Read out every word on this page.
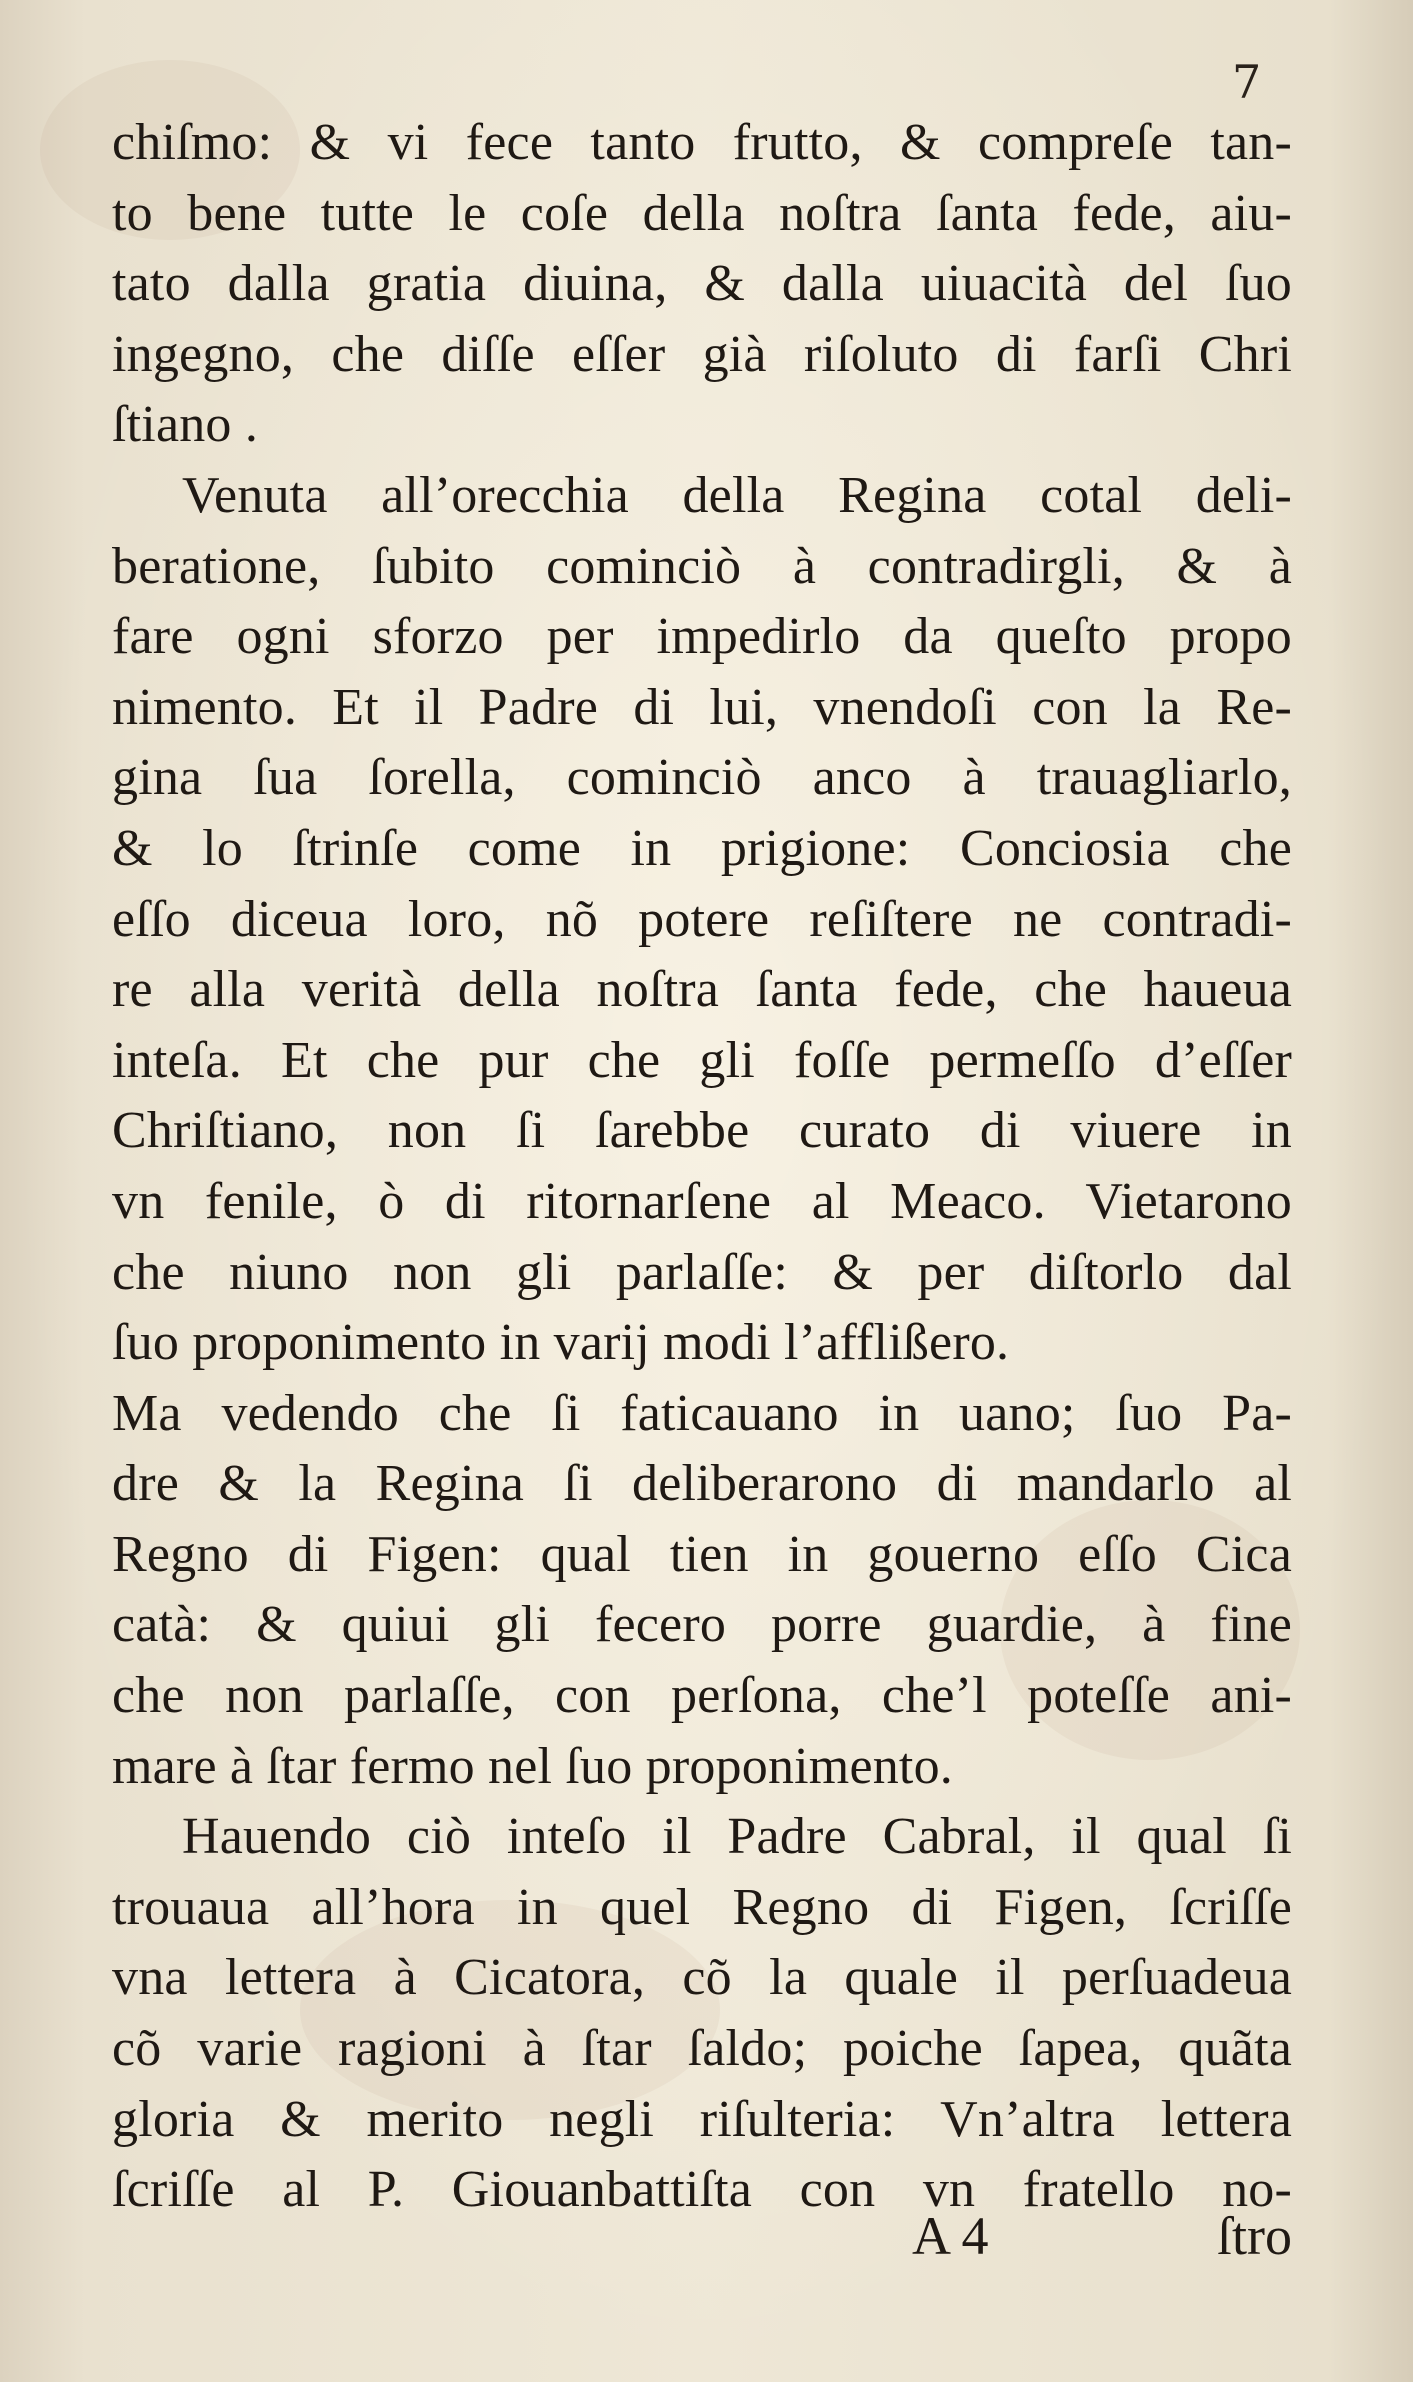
7
chiſmo: & vi fece tanto frutto, & compreſe tan-
to bene tutte le coſe della noſtra ſanta fede, aiu-
tato dalla gratia diuina, & dalla uiuacità del ſuo
ingegno, che diſſe eſſer già riſoluto di farſi Chri
ſtiano .
Venuta all’orecchia della Regina cotal deli-
beratione, ſubito cominciò à contradirgli, & à
fare ogni sforzo per impedirlo da queſto propo
nimento. Et il Padre di lui, vnendoſi con la Re-
gina ſua ſorella, cominciò anco à trauagliarlo,
& lo ſtrinſe come in prigione: Conciosia che
eſſo diceua loro, nõ potere reſiſtere ne contradi-
re alla verità della noſtra ſanta fede, che haueua
inteſa. Et che pur che gli foſſe permeſſo d’eſſer
Chriſtiano, non ſi ſarebbe curato di viuere in
vn fenile, ò di ritornarſene al Meaco. Vietarono
che niuno non gli parlaſſe: & per diſtorlo dal
ſuo proponimento in varij modi l’afflißero.
Ma vedendo che ſi faticauano in uano; ſuo Pa-
dre & la Regina ſi deliberarono di mandarlo al
Regno di Figen: qual tien in gouerno eſſo Cica
catà: & quiui gli fecero porre guardie, à fine
che non parlaſſe, con perſona, che’l poteſſe ani-
mare à ſtar fermo nel ſuo proponimento.
Hauendo ciò inteſo il Padre Cabral, il qual ſi
trouaua all’hora in quel Regno di Figen, ſcriſſe
vna lettera à Cicatora, cõ la quale il perſuadeua
cõ varie ragioni à ſtar ſaldo; poiche ſapea, quãta
gloria & merito negli riſulteria: Vn’altra lettera
ſcriſſe al P. Giouanbattiſta con vn fratello no-
A 4	ſtro
